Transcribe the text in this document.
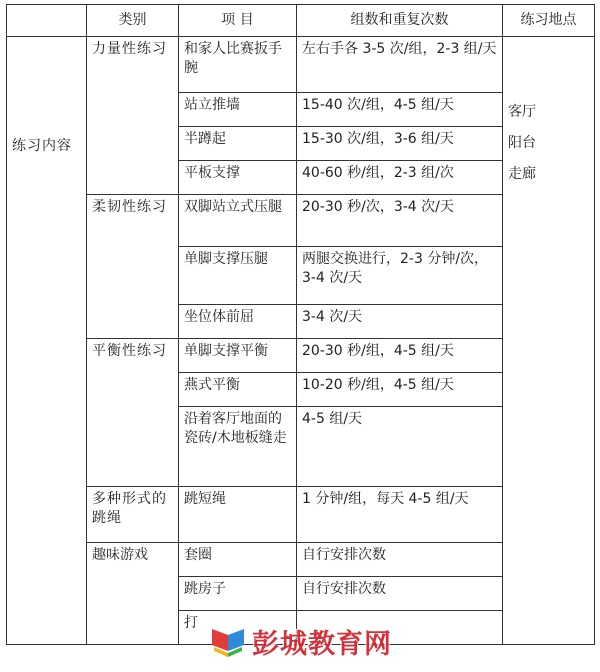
	类别	项 目	组数和重复次数	练习地点
练习内容	力量性练习	和家人比赛扳手腕	左右手各 3-5 次/组，2-3 组/天	客厅
阳台
走廊

		站立推墙	15-40 次/组，4-5 组/天	
		半蹲起	15-30 次/组，3-6 组/天	
		平板支撑	40-60 秒/组，2-3 组/次	
	柔韧性练习	双脚站立式压腿	20-30 秒/次，3-4 次/天	
		单脚支撑压腿	两腿交换进行，2-3 分钟/次，3-4 次/天	
		坐位体前屈	3-4 次/天	
	平衡性练习	单脚支撑平衡	20-30 秒/组，4-5 组/天	
		燕式平衡	10-20 秒/组，4-5 组/天	
		沿着客厅地面的瓷砖/木地板缝走	4-5 组/天	
	多种形式的跳绳	跳短绳	1 分钟/组，每天 4-5 组/天	
	趣味游戏	套圈	自行安排次数	
		跳房子	自行安排次数	
		打		
彭城教育网
